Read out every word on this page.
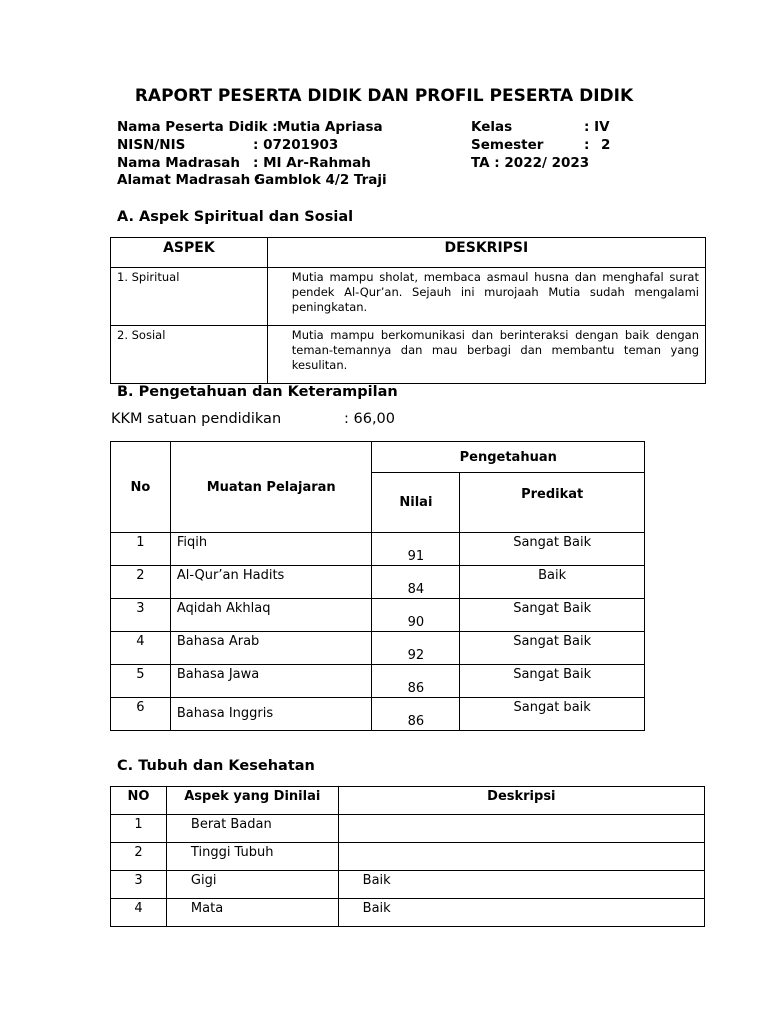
RAPORT PESERTA DIDIK DAN PROFIL PESERTA DIDIK
Nama Peserta Didik : Mutia Apriasa
NISN/NIS	: 07201903
Nama Madrasah : MI Ar-Rahmah
Alamat Madrasah :
Gamblok 4/2 Traji
Kelas	: IV
Semester	: 2
TA : 2022/ 2023
A. Aspek Spiritual dan Sosial
ASPEK	DESKRIPSI
1. Spiritual	Mutia mampu sholat, membaca asmaul husna dan menghafal surat pendek Al-Qur’an. Sejauh ini murojaah Mutia sudah mengalami peningkatan.
2. Sosial	Mutia mampu berkomunikasi dan berinteraksi dengan baik dengan teman-temannya dan mau berbagi dan membantu teman yang kesulitan.
B. Pengetahuan dan Keterampilan
KKM satuan pendidikan	: 66,00
No	Muatan Pelajaran	Pengetahuan	
		Nilai	Predikat
1	Fiqih	91	Sangat Baik
2	Al-Qur’an Hadits	84	Baik
3	Aqidah Akhlaq	90	Sangat Baik
4	Bahasa Arab	92	Sangat Baik
5	Bahasa Jawa	86	Sangat Baik
6	Bahasa Inggris	86	Sangat baik
C. Tubuh dan Kesehatan
NO	Aspek yang Dinilai	Deskripsi
1	Berat Badan	
2	Tinggi Tubuh	
3	Gigi	Baik
4	Mata	Baik
